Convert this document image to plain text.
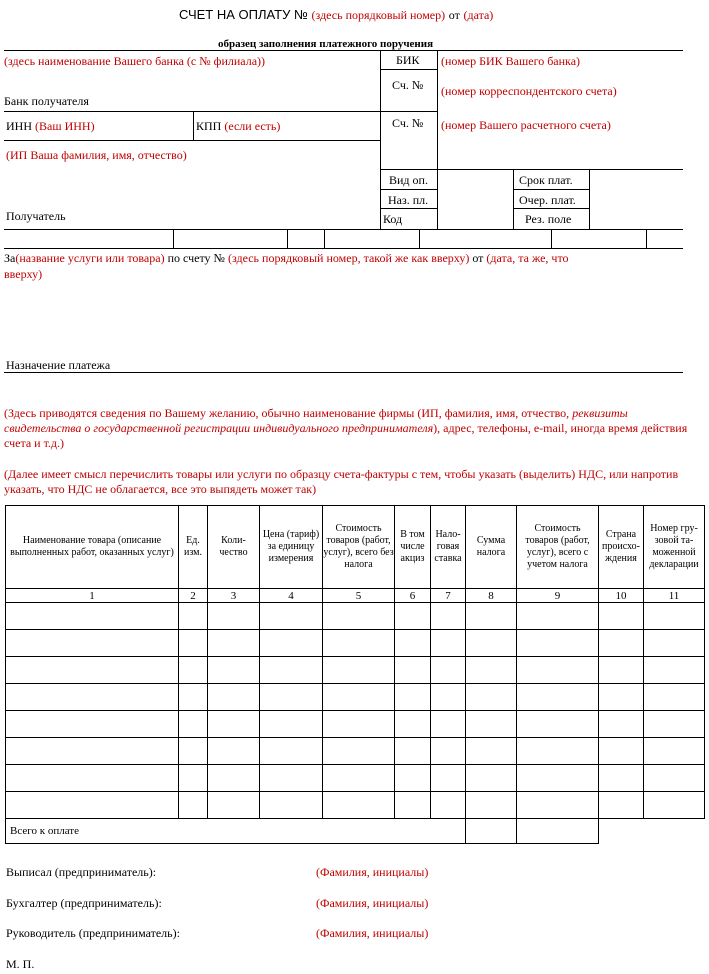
СЧЕТ НА ОПЛАТУ № (здесь порядковый номер) от (дата)
образец заполнения платежного поручения
(здесь наименование Вашего банка (с № филиала))	БИК (номер БИК Вашего банка)
Сч. № (номер корреспондентского счета)
Банк получателя
ИНН (Ваш ИНН)	КПП (если есть)	Сч. № (номер Вашего расчетного счета)
(ИП Ваша фамилия, имя, отчество)
Вид оп.	Срок плат.
Наз. пл.	Очер. плат.
Получатель	Код	Рез. поле
За(название услуги или товара) по счету № (здесь порядковый номер, такой же как вверху) от (дата, та же, что
вверху)
Назначение платежа
(Здесь приводятся сведения по Вашему желанию, обычно наименование фирмы (ИП, фамилия, имя, отчество, реквизиты свидетельства о государственной регистрации индивидуального предпринимателя), адрес, телефоны, e-mail, иногда время действия счета и т.д.)
(Далее имеет смысл перечислить товары или услуги по образцу счета-фактуры с тем, чтобы указать (выделить) НДС, или напротив указать, что НДС не облагается, все это выпядеть может так)
Наименование товара (описание выполненных работ, оказанных услуг)	Ед. изм.	Коли-чество	Цена (тариф) за единицу измерения	Стоимость товаров (работ, услуг), всего без налога	В том числе акциз	Нало-говая ставка	Сумма налога	Стоимость товаров (работ, услуг), всего с учетом налога	Страна происхо-ждения	Номер гру-зовой та-моженной декларации
1	2	3	4	5	6	7	8	9	10	11

Всего к оплате										
Выписал (предприниматель):	(Фамилия, инициалы)
Бухгалтер (предприниматель):	(Фамилия, инициалы)
Руководитель (предприниматель):	(Фамилия, инициалы)
М. П.
